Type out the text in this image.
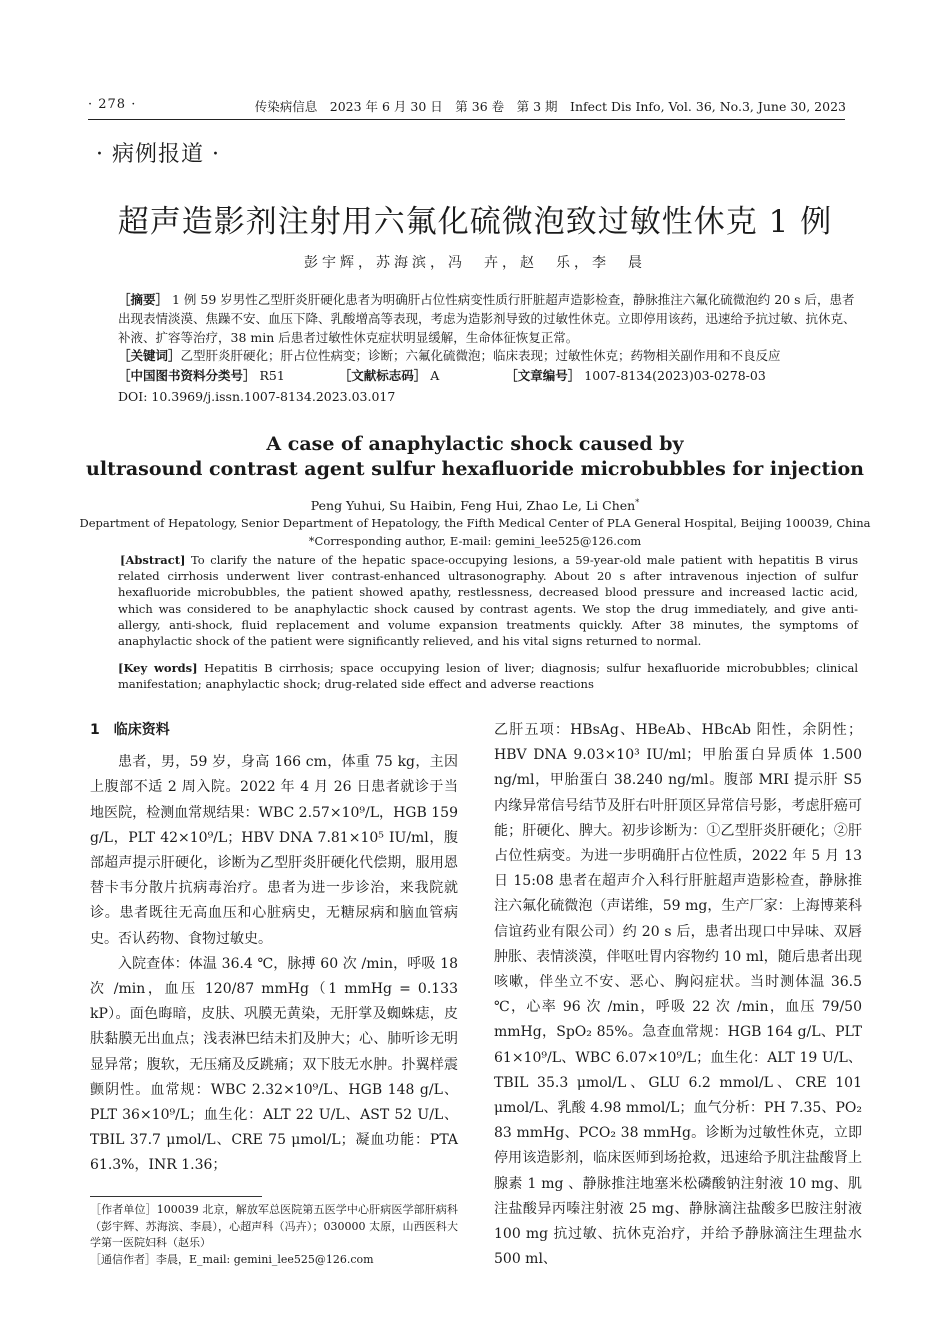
· 278 ·	传染病信息　2023 年 6 月 30 日　第 36 卷　第 3 期　Infect Dis Info, Vol. 36, No.3, June 30, 2023
· 病例报道 ·
超声造影剂注射用六氟化硫微泡致过敏性休克 1 例
彭宇辉，苏海滨，冯　卉，赵　乐，李　晨
［摘要］ 1 例 59 岁男性乙型肝炎肝硬化患者为明确肝占位性病变性质行肝脏超声造影检查，静脉推注六氟化硫微泡约 20 s 后，患者出现表情淡漠、焦躁不安、血压下降、乳酸增高等表现，考虑为造影剂导致的过敏性休克。立即停用该药，迅速给予抗过敏、抗休克、补液、扩容等治疗，38 min 后患者过敏性休克症状明显缓解，生命体征恢复正常。
［关键词］乙型肝炎肝硬化；肝占位性病变；诊断；六氟化硫微泡；临床表现；过敏性休克；药物相关副作用和不良反应
［中国图书资料分类号］ R51	［文献标志码］ A	［文章编号］ 1007-8134(2023)03-0278-03
DOI: 10.3969/j.issn.1007-8134.2023.03.017
A case of anaphylactic shock caused by
ultrasound contrast agent sulfur hexafluoride microbubbles for injection
Peng Yuhui, Su Haibin, Feng Hui, Zhao Le, Li Chen*
Department of Hepatology, Senior Department of Hepatology, the Fifth Medical Center of PLA General Hospital, Beijing 100039, China
*Corresponding author, E-mail: gemini_lee525@126.com
[Abstract] To clarify the nature of the hepatic space-occupying lesions, a 59-year-old male patient with hepatitis B virus related cirrhosis underwent liver contrast-enhanced ultrasonography. About 20 s after intravenous injection of sulfur hexafluoride microbubbles, the patient showed apathy, restlessness, decreased blood pressure and increased lactic acid, which was considered to be anaphylactic shock caused by contrast agents. We stop the drug immediately, and give anti-allergy, anti-shock, fluid replacement and volume expansion treatments quickly. After 38 minutes, the symptoms of anaphylactic shock of the patient were significantly relieved, and his vital signs returned to normal.
[Key words] Hepatitis B cirrhosis; space occupying lesion of liver; diagnosis; sulfur hexafluoride microbubbles; clinical manifestation; anaphylactic shock; drug-related side effect and adverse reactions

1 临床资料

患者，男，59 岁，身高 166 cm，体重 75 kg，主因上腹部不适 2 周入院。2022 年 4 月 26 日患者就诊于当地医院，检测血常规结果：WBC 2.57×10⁹/L，HGB 159 g/L，PLT 42×10⁹/L；HBV DNA 7.81×10⁵ IU/ml，腹部超声提示肝硬化，诊断为乙型肝炎肝硬化代偿期，服用恩替卡韦分散片抗病毒治疗。患者为进一步诊治，来我院就诊。患者既往无高血压和心脏病史，无糖尿病和脑血管病史。否认药物、食物过敏史。

入院查体：体温 36.4 ℃，脉搏 60 次 /min，呼吸 18 次 /min，血压 120/87 mmHg（1 mmHg = 0.133 kP）。面色晦暗，皮肤、巩膜无黄染，无肝掌及蜘蛛痣，皮肤黏膜无出血点；浅表淋巴结未扪及肿大；心、肺听诊无明显异常；腹软，无压痛及反跳痛；双下肢无水肿。扑翼样震颤阴性。血常规：WBC 2.32×10⁹/L、HGB 148 g/L、PLT 36×10⁹/L；血生化：ALT 22 U/L、AST 52 U/L、TBIL 37.7 μmol/L、CRE 75 μmol/L；凝血功能：PTA 61.3%，INR 1.36；

乙肝五项：HBsAg、HBeAb、HBcAb 阳性，余阴性；HBV DNA 9.03×10³ IU/ml；甲胎蛋白异质体 1.500 ng/ml，甲胎蛋白 38.240 ng/ml。腹部 MRI 提示肝 S5 内缘异常信号结节及肝右叶肝顶区异常信号影，考虑肝癌可能；肝硬化、脾大。初步诊断为：①乙型肝炎肝硬化；②肝占位性病变。为进一步明确肝占位性质，2022 年 5 月 13 日 15:08 患者在超声介入科行肝脏超声造影检查，静脉推注六氟化硫微泡（声诺维，59 mg，生产厂家：上海博莱科信谊药业有限公司）约 20 s 后，患者出现口中异味、双唇肿胀、表情淡漠，伴呕吐胃内容物约 10 ml，随后患者出现咳嗽，伴坐立不安、恶心、胸闷症状。当时测体温 36.5 ℃，心率 96 次 /min，呼吸 22 次 /min，血压 79/50 mmHg，SpO₂ 85%。急查血常规：HGB 164 g/L、PLT 61×10⁹/L、WBC 6.07×10⁹/L；血生化：ALT 19 U/L、TBIL 35.3 μmol/L、GLU 6.2 mmol/L、CRE 101 μmol/L、乳酸 4.98 mmol/L；血气分析：PH 7.35、PO₂ 83 mmHg、PCO₂ 38 mmHg。诊断为过敏性休克，立即停用该造影剂，临床医师到场抢救，迅速给予肌注盐酸肾上腺素 1 mg 、静脉推注地塞米松磷酸钠注射液 10 mg、肌注盐酸异丙嗪注射液 25 mg、静脉滴注盐酸多巴胺注射液 100 mg 抗过敏、抗休克治疗，并给予静脉滴注生理盐水 500 ml、

［作者单位］100039 北京，解放军总医院第五医学中心肝病医学部肝病科（彭宇辉、苏海滨、李晨），心超声科（冯卉）；030000 太原，山西医科大学第一医院妇科（赵乐）

［通信作者］李晨，E_mail: gemini_lee525@126.com
